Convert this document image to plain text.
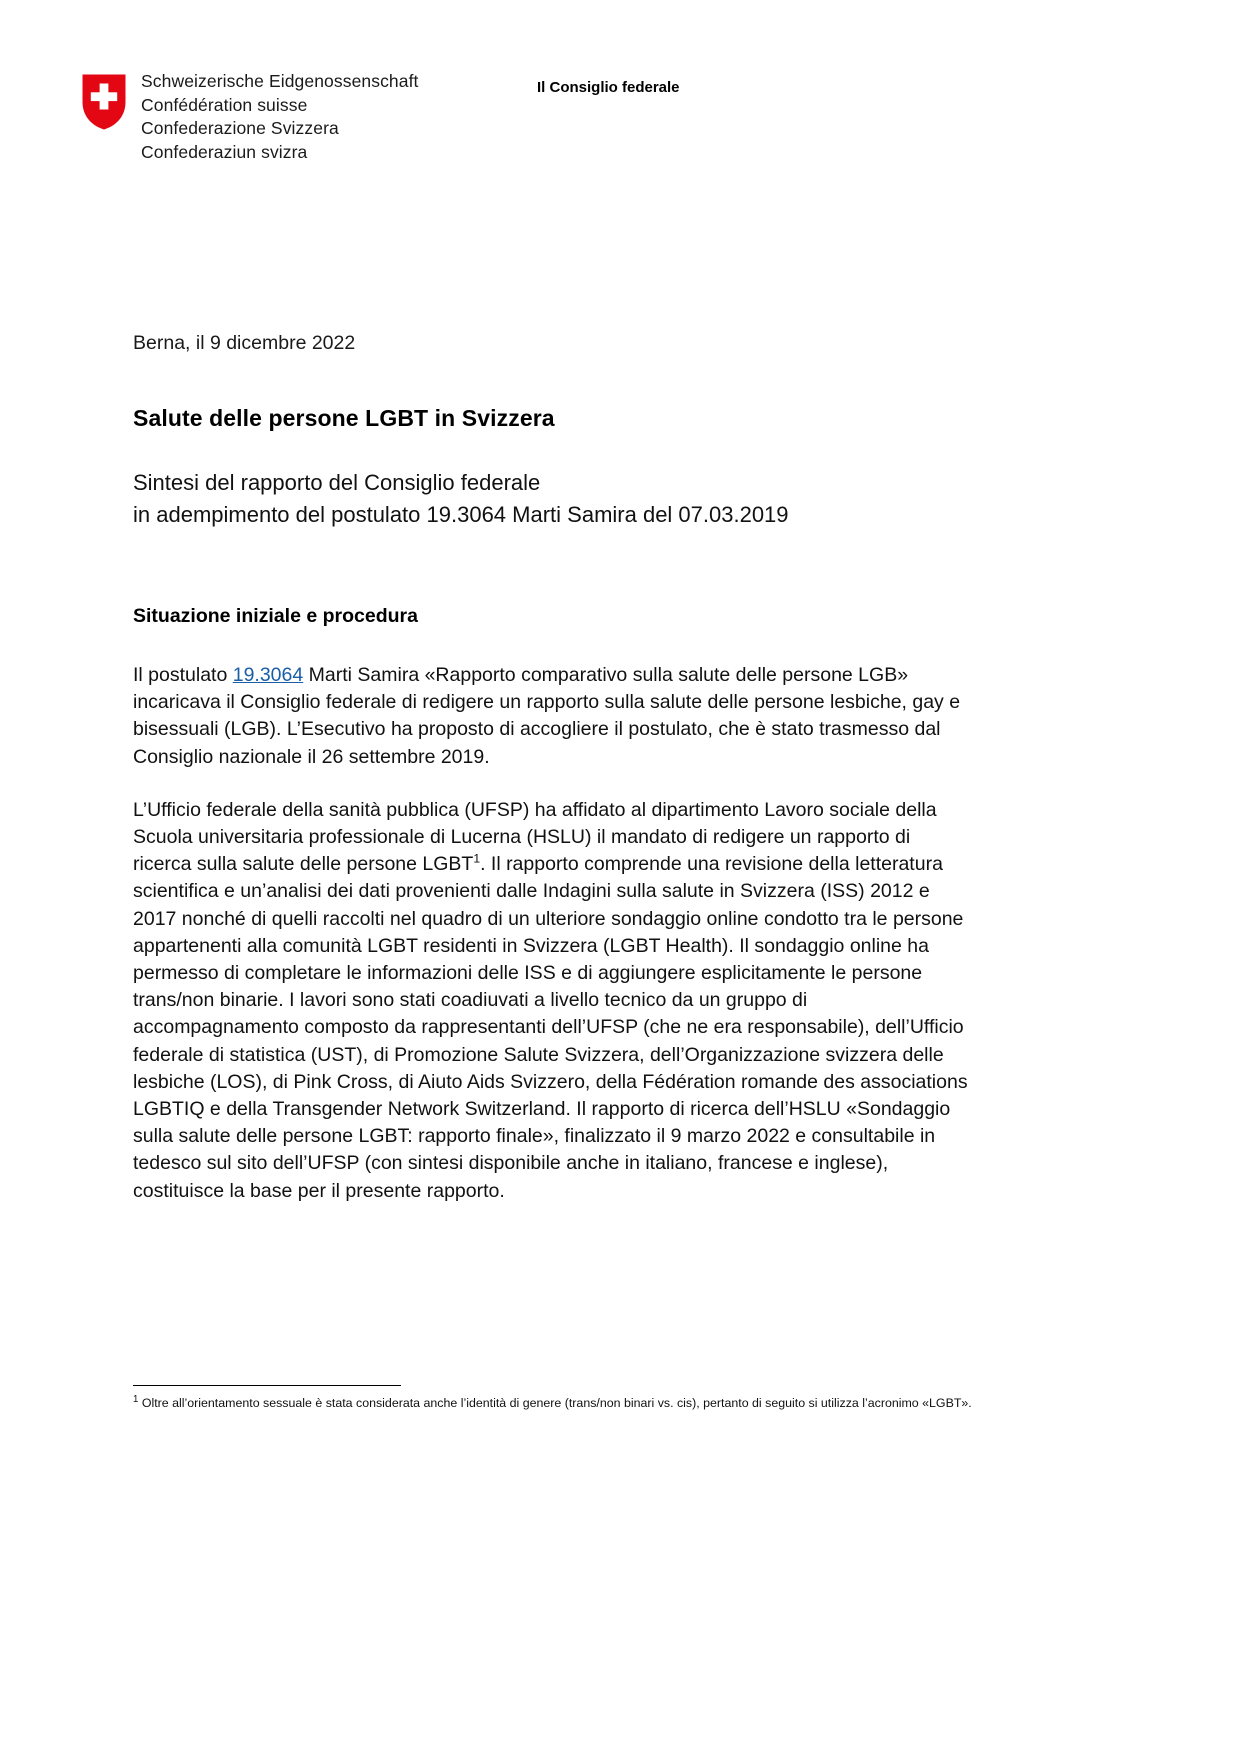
Schweizerische Eidgenossenschaft
Confédération suisse
Confederazione Svizzera
Confederaziun svizra
Il Consiglio federale

Berna, il 9 dicembre 2022

Salute delle persone LGBT in Svizzera
Sintesi del rapporto del Consiglio federale
in adempimento del postulato 19.3064 Marti Samira del 07.03.2019
Situazione iniziale e procedura

Il postulato 19.3064 Marti Samira «Rapporto comparativo sulla salute delle persone LGB» incaricava il Consiglio federale di redigere un rapporto sulla salute delle persone lesbiche, gay e bisessuali (LGB). L’Esecutivo ha proposto di accogliere il postulato, che è stato trasmesso dal Consiglio nazionale il 26 settembre 2019.

L’Ufficio federale della sanità pubblica (UFSP) ha affidato al dipartimento Lavoro sociale della Scuola universitaria professionale di Lucerna (HSLU) il mandato di redigere un rapporto di ricerca sulla salute delle persone LGBT$^1$. Il rapporto comprende una revisione della letteratura scientifica e un’analisi dei dati provenienti dalle Indagini sulla salute in Svizzera (ISS) 2012 e 2017 nonché di quelli raccolti nel quadro di un ulteriore sondaggio online condotto tra le persone appartenenti alla comunità LGBT residenti in Svizzera (LGBT Health). Il sondaggio online ha permesso di completare le informazioni delle ISS e di aggiungere esplicitamente le persone trans/non binarie. I lavori sono stati coadiuvati a livello tecnico da un gruppo di accompagnamento composto da rappresentanti dell’UFSP (che ne era responsabile), dell’Ufficio federale di statistica (UST), di Promozione Salute Svizzera, dell’Organizzazione svizzera delle lesbiche (LOS), di Pink Cross, di Aiuto Aids Svizzero, della Fédération romande des associations LGBTIQ e della Transgender Network Switzerland. Il rapporto di ricerca dell’HSLU «Sondaggio sulla salute delle persone LGBT: rapporto finale», finalizzato il 9 marzo 2022 e consultabile in tedesco sul sito dell’UFSP (con sintesi disponibile anche in italiano, francese e inglese), costituisce la base per il presente rapporto.

$^1$ Oltre all’orientamento sessuale è stata considerata anche l’identità di genere (trans/non binari vs. cis), pertanto di seguito si utilizza l’acronimo «LGBT».
